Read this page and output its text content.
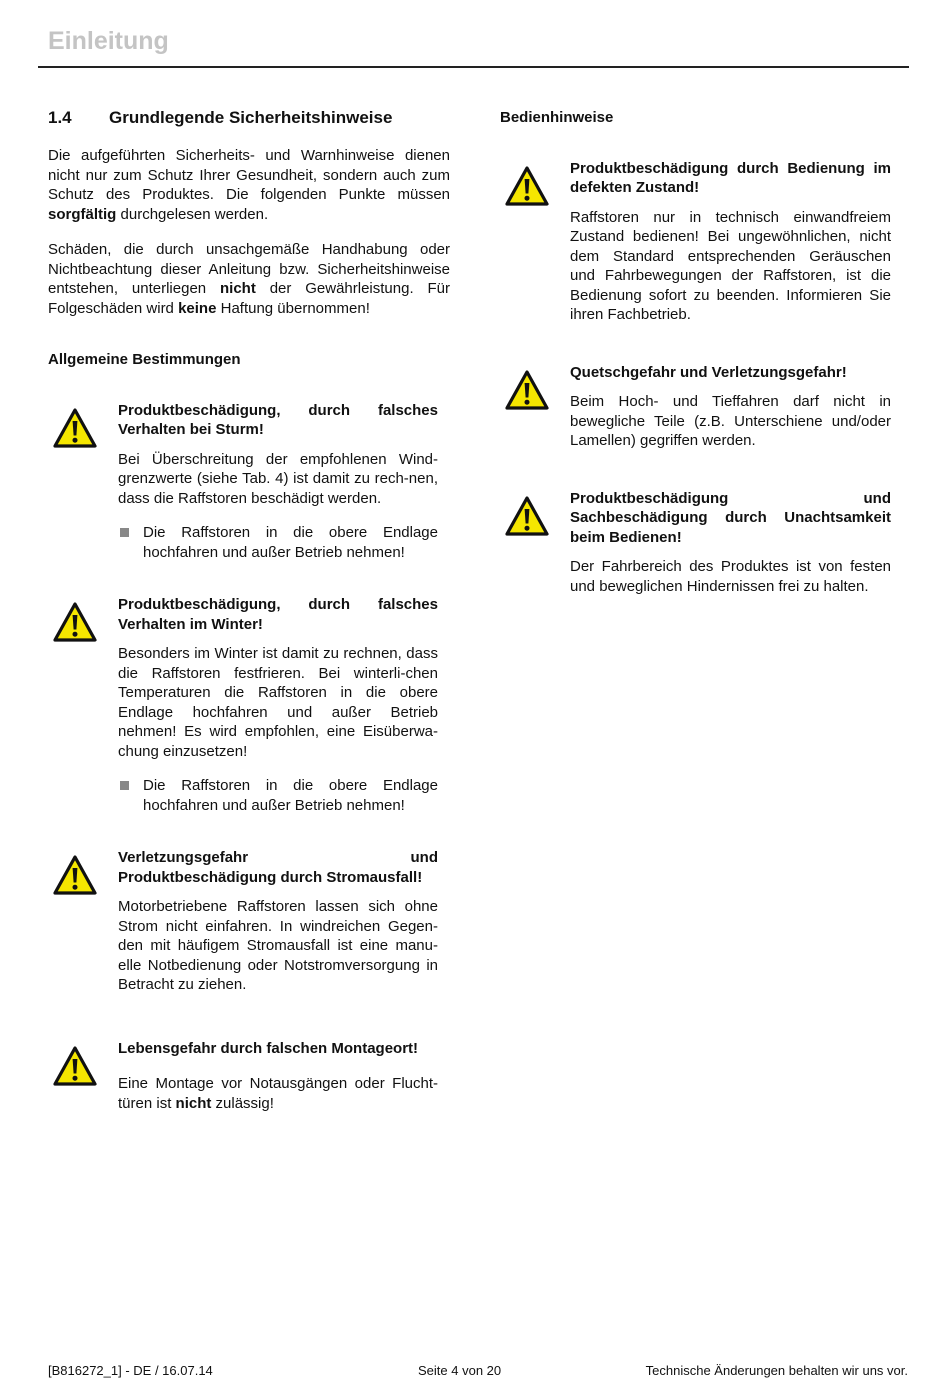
Einleitung
1.4	Grundlegende Sicherheitshinweise

Die aufgeführten Sicherheits- und Warnhinweise dienen nicht nur zum Schutz Ihrer Gesundheit, sondern auch zum Schutz des Produktes. Die folgenden Punkte müssen sorgfältig durchgelesen werden.

Schäden, die durch unsachgemäße Handhabung oder Nichtbeachtung dieser Anleitung bzw. Sicherheitshinweise entstehen, unterliegen nicht der Gewährleistung. Für Folgeschäden wird keine Haftung übernommen!

Allgemeine Bestimmungen
Produktbeschädigung, durch falsches Verhalten bei Sturm!

Bei Überschreitung der empfohlenen Wind-grenzwerte (siehe Tab. 4) ist damit zu rech-nen, dass die Raffstoren beschädigt werden.

Die Raffstoren in die obere Endlage hochfahren und außer Betrieb nehmen!

Produktbeschädigung, durch falsches Verhalten im Winter!

Besonders im Winter ist damit zu rechnen, dass die Raffstoren festfrieren. Bei winterli-chen Temperaturen die Raffstoren in die obere Endlage hochfahren und außer Betrieb nehmen! Es wird empfohlen, eine Eisüberwa-chung einzusetzen!

Die Raffstoren in die obere Endlage hochfahren und außer Betrieb nehmen!

Verletzungsgefahr und Produktbeschädigung durch Stromausfall!

Motorbetriebene Raffstoren lassen sich ohne Strom nicht einfahren. In windreichen Gegen-den mit häufigem Stromausfall ist eine manu-elle Notbedienung oder Notstromversorgung in Betracht zu ziehen.

Lebensgefahr durch falschen Montageort!

Eine Montage vor Notausgängen oder Flucht-türen ist nicht zulässig!

Bedienhinweise
Produktbeschädigung durch Bedienung im defekten Zustand!

Raffstoren nur in technisch einwandfreiem Zustand bedienen! Bei ungewöhnlichen, nicht dem Standard entsprechenden Geräuschen und Fahrbewegungen der Raffstoren, ist die Bedienung sofort zu beenden. Informieren Sie ihren Fachbetrieb.

Quetschgefahr und Verletzungsgefahr!

Beim Hoch- und Tieffahren darf nicht in bewegliche Teile (z.B. Unterschiene und/oder Lamellen) gegriffen werden.

Produktbeschädigung und Sachbeschädigung durch Unachtsamkeit beim Bedienen!

Der Fahrbereich des Produktes ist von festen und beweglichen Hindernissen frei zu halten.

[B816272_1] - DE / 16.07.14	Seite 4 von 20	Technische Änderungen behalten wir uns vor.
